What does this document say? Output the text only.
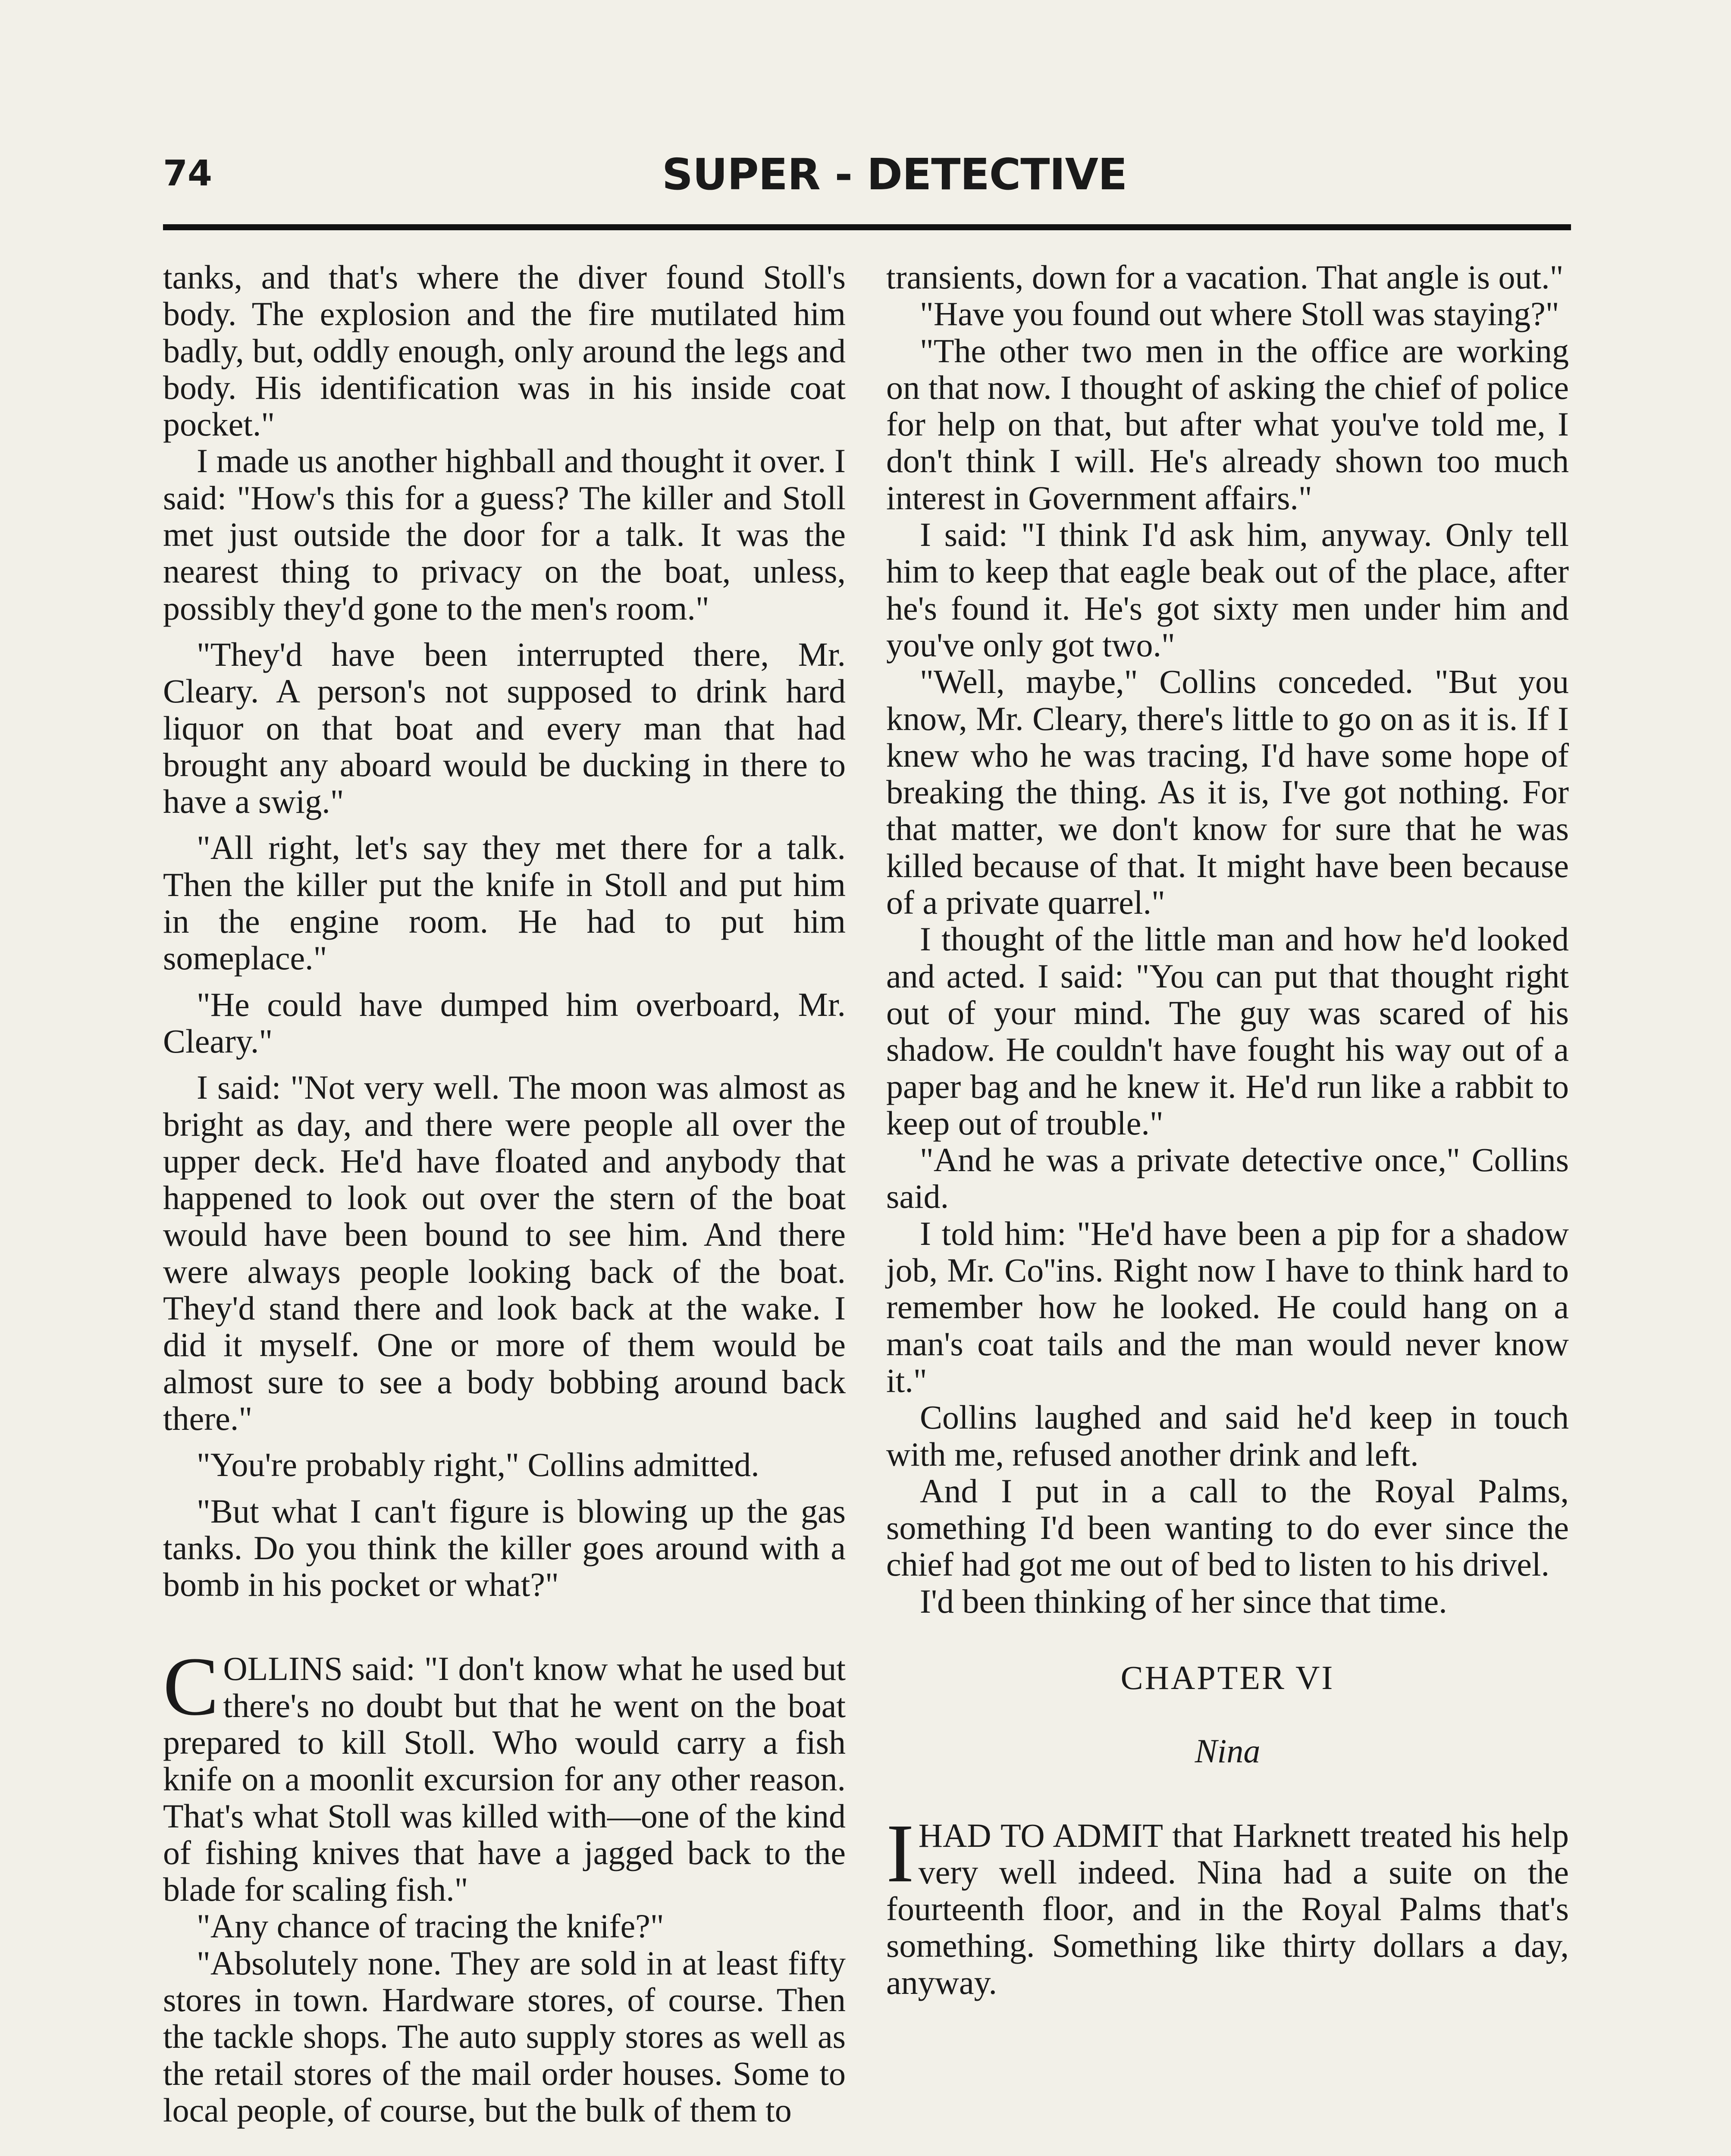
74	SUPER - DETECTIVE

tanks, and that's where the diver found Stoll's body. The explosion and the fire mutilated him badly, but, oddly enough, only around the legs and body. His identification was in his inside coat pocket."

I made us another highball and thought it over. I said: "How's this for a guess? The killer and Stoll met just outside the door for a talk. It was the nearest thing to privacy on the boat, unless, possibly they'd gone to the men's room."

"They'd have been interrupted there, Mr. Cleary. A person's not supposed to drink hard liquor on that boat and every man that had brought any aboard would be ducking in there to have a swig."

"All right, let's say they met there for a talk. Then the killer put the knife in Stoll and put him in the engine room. He had to put him someplace."

"He could have dumped him overboard, Mr. Cleary."

I said: "Not very well. The moon was almost as bright as day, and there were people all over the upper deck. He'd have floated and anybody that happened to look out over the stern of the boat would have been bound to see him. And there were always people looking back of the boat. They'd stand there and look back at the wake. I did it myself. One or more of them would be almost sure to see a body bobbing around back there."

"You're probably right," Collins admitted.

"But what I can't figure is blowing up the gas tanks. Do you think the killer goes around with a bomb in his pocket or what?"

COLLINS said: "I don't know what he used but there's no doubt but that he went on the boat prepared to kill Stoll. Who would carry a fish knife on a moonlit excursion for any other reason. That's what Stoll was killed with—one of the kind of fishing knives that have a jagged back to the blade for scaling fish."

"Any chance of tracing the knife?"

"Absolutely none. They are sold in at least fifty stores in town. Hardware stores, of course. Then the tackle shops. The auto supply stores as well as the retail stores of the mail order houses. Some to local people, of course, but the bulk of them to

transients, down for a vacation. That angle is out."

"Have you found out where Stoll was staying?"

"The other two men in the office are working on that now. I thought of asking the chief of police for help on that, but after what you've told me, I don't think I will. He's already shown too much interest in Government affairs."

I said: "I think I'd ask him, anyway. Only tell him to keep that eagle beak out of the place, after he's found it. He's got sixty men under him and you've only got two."

"Well, maybe," Collins conceded. "But you know, Mr. Cleary, there's little to go on as it is. If I knew who he was tracing, I'd have some hope of breaking the thing. As it is, I've got nothing. For that matter, we don't know for sure that he was killed because of that. It might have been because of a private quarrel."

I thought of the little man and how he'd looked and acted. I said: "You can put that thought right out of your mind. The guy was scared of his shadow. He couldn't have fought his way out of a paper bag and he knew it. He'd run like a rabbit to keep out of trouble."

"And he was a private detective once," Collins said.

I told him: "He'd have been a pip for a shadow job, Mr. Co''ins. Right now I have to think hard to remember how he looked. He could hang on a man's coat tails and the man would never know it."

Collins laughed and said he'd keep in touch with me, refused another drink and left.

And I put in a call to the Royal Palms, something I'd been wanting to do ever since the chief had got me out of bed to listen to his drivel.

I'd been thinking of her since that time.

CHAPTER VI
Nina

IHAD TO ADMIT that Harknett treated his help very well indeed. Nina had a suite on the fourteenth floor, and in the Royal Palms that's something. Something like thirty dollars a day, anyway.
